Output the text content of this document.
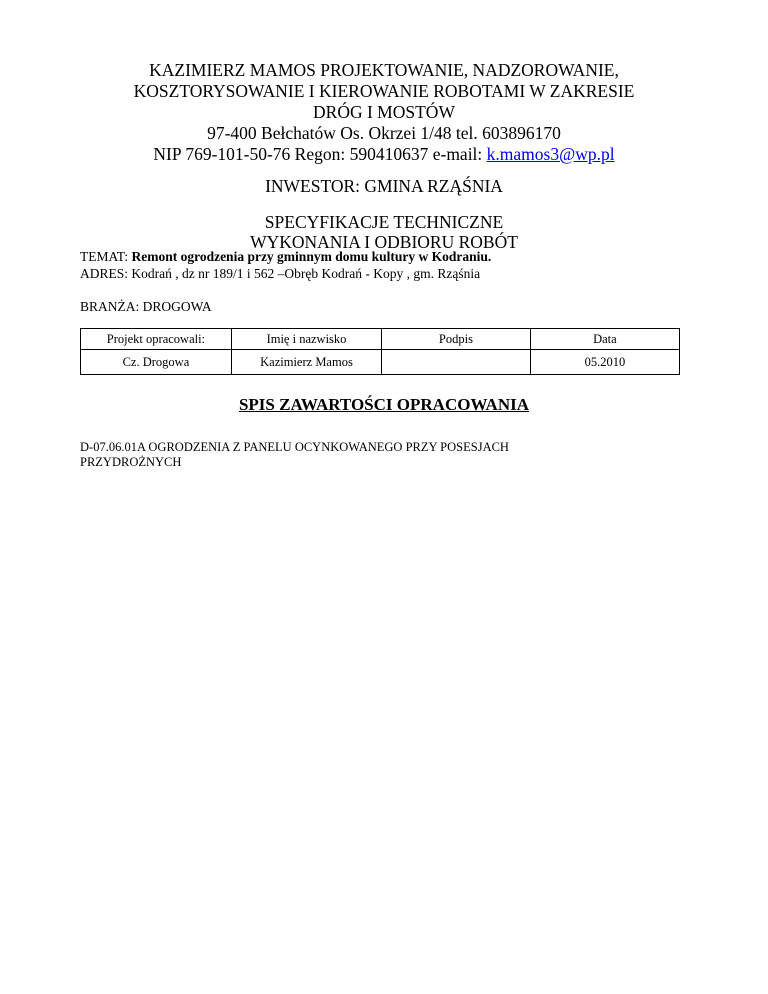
KAZIMIERZ MAMOS PROJEKTOWANIE, NADZOROWANIE,
KOSZTORYSOWANIE I KIEROWANIE ROBOTAMI W ZAKRESIE
DRÓG I MOSTÓW
97-400 Bełchatów Os. Okrzei 1/48 tel. 603896170
NIP 769-101-50-76 Regon: 590410637 e-mail: k.mamos3@wp.pl
INWESTOR: GMINA RZĄŚNIA
SPECYFIKACJE TECHNICZNE
WYKONANIA I ODBIORU ROBÓT
TEMAT: Remont ogrodzenia przy gminnym domu kultury w Kodraniu.
ADRES: Kodrań , dz nr 189/1 i 562 –Obręb Kodrań - Kopy , gm. Rząśnia
BRANŻA: DROGOWA
Projekt opracowali:	Imię i nazwisko	Podpis	Data
Cz. Drogowa	Kazimierz Mamos		05.2010
SPIS ZAWARTOŚCI OPRACOWANIA
D-07.06.01A OGRODZENIA Z PANELU OCYNKOWANEGO PRZY POSESJACH
PRZYDROŻNYCH
